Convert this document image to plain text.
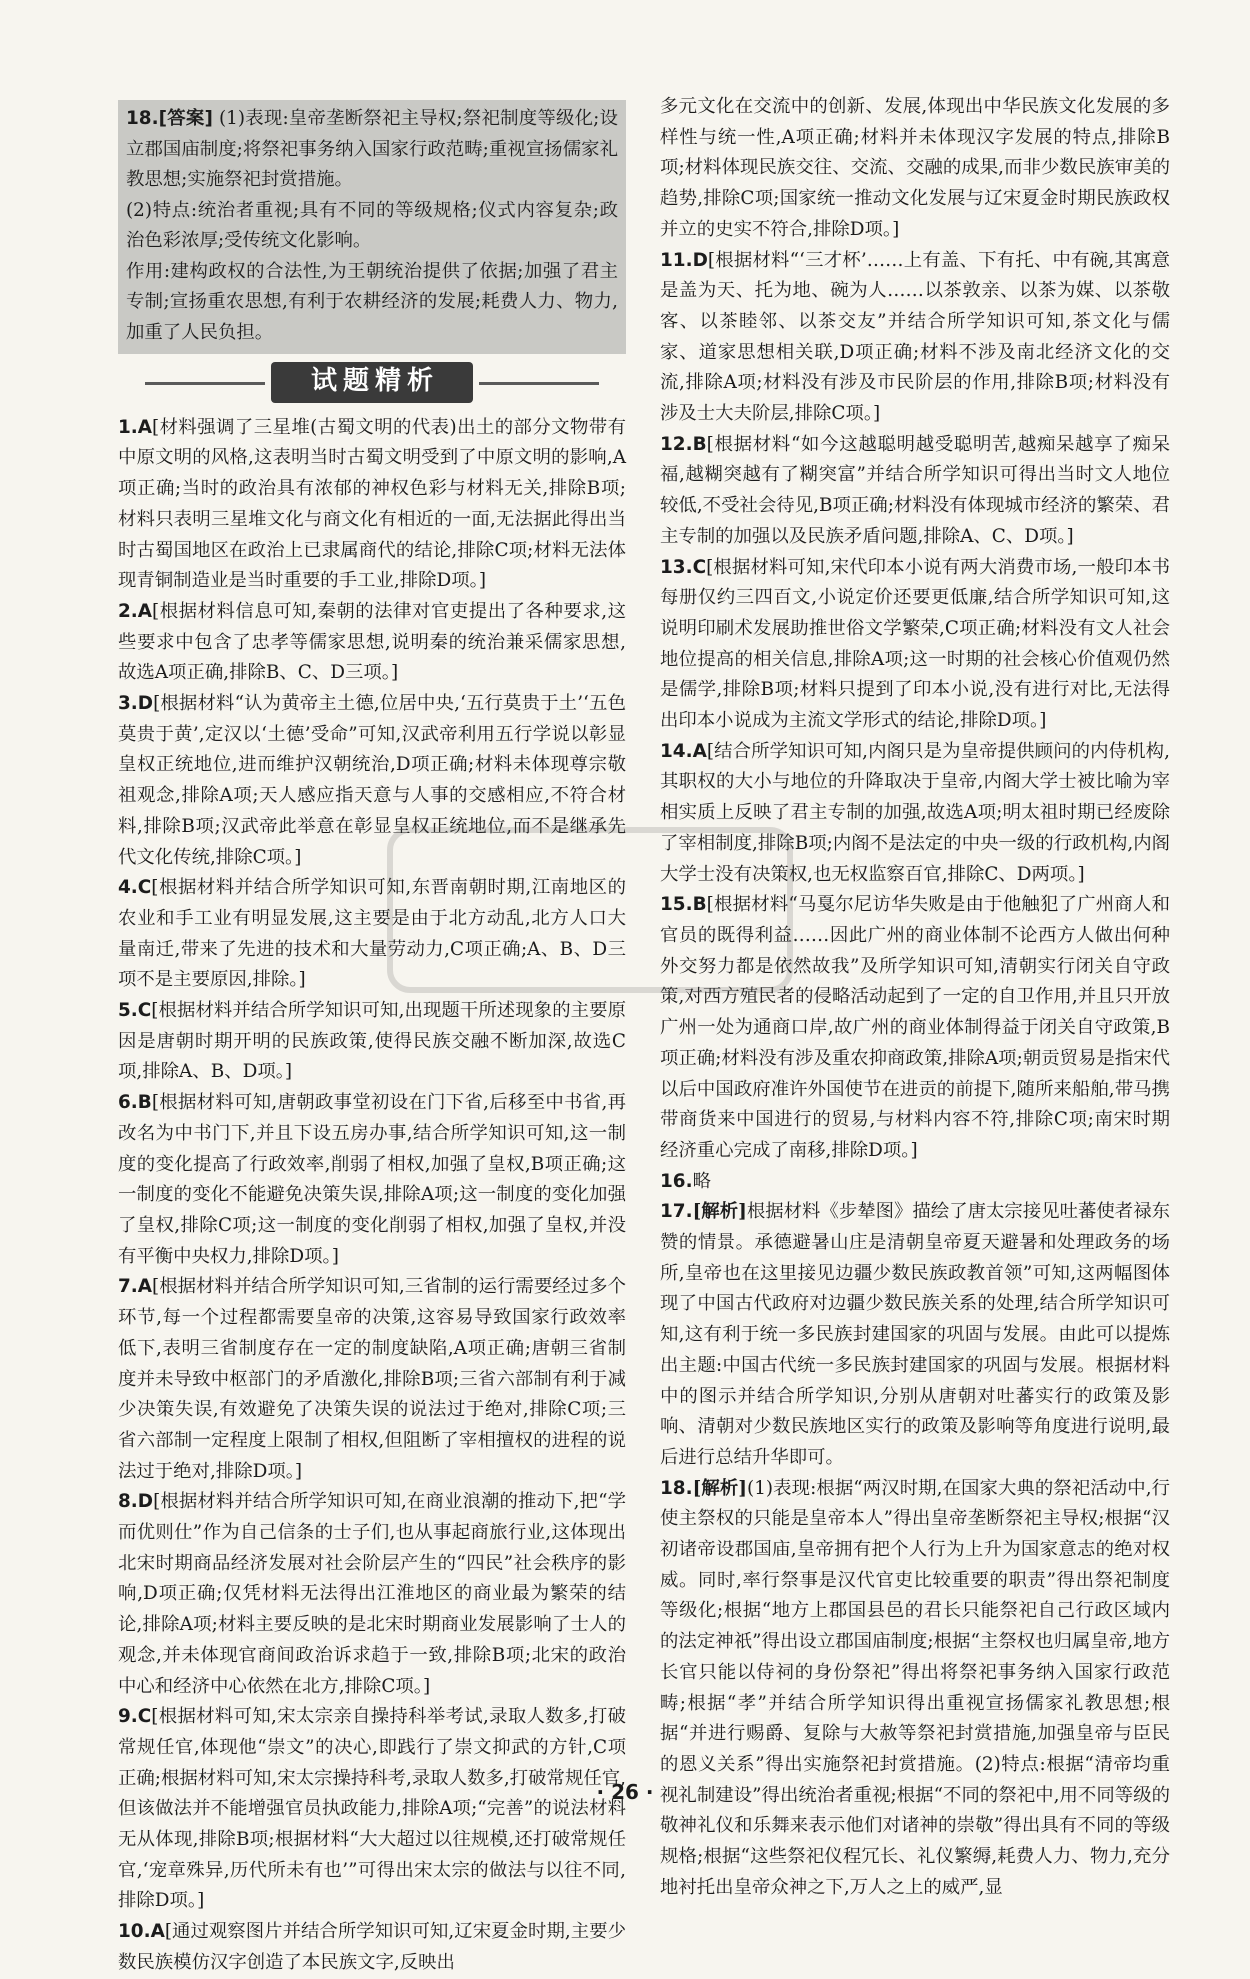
18.[答案] (1)表现:皇帝垄断祭祀主导权;祭祀制度等级化;设立郡国庙制度;将祭祀事务纳入国家行政范畴;重视宣扬儒家礼教思想;实施祭祀封赏措施。

(2)特点:统治者重视;具有不同的等级规格;仪式内容复杂;政治色彩浓厚;受传统文化影响。

作用:建构政权的合法性,为王朝统治提供了依据;加强了君主专制;宣扬重农思想,有利于农耕经济的发展;耗费人力、物力,加重了人民负担。

试题精析

1.A[材料强调了三星堆(古蜀文明的代表)出土的部分文物带有中原文明的风格,这表明当时古蜀文明受到了中原文明的影响,A项正确;当时的政治具有浓郁的神权色彩与材料无关,排除B项;材料只表明三星堆文化与商文化有相近的一面,无法据此得出当时古蜀国地区在政治上已隶属商代的结论,排除C项;材料无法体现青铜制造业是当时重要的手工业,排除D项。]

2.A[根据材料信息可知,秦朝的法律对官吏提出了各种要求,这些要求中包含了忠孝等儒家思想,说明秦的统治兼采儒家思想,故选A项正确,排除B、C、D三项。]

3.D[根据材料“认为黄帝主土德,位居中央,‘五行莫贵于土’‘五色莫贵于黄’,定汉以‘土德’受命”可知,汉武帝利用五行学说以彰显皇权正统地位,进而维护汉朝统治,D项正确;材料未体现尊宗敬祖观念,排除A项;天人感应指天意与人事的交感相应,不符合材料,排除B项;汉武帝此举意在彰显皇权正统地位,而不是继承先代文化传统,排除C项。]

4.C[根据材料并结合所学知识可知,东晋南朝时期,江南地区的农业和手工业有明显发展,这主要是由于北方动乱,北方人口大量南迁,带来了先进的技术和大量劳动力,C项正确;A、B、D三项不是主要原因,排除。]

5.C[根据材料并结合所学知识可知,出现题干所述现象的主要原因是唐朝时期开明的民族政策,使得民族交融不断加深,故选C项,排除A、B、D项。]

6.B[根据材料可知,唐朝政事堂初设在门下省,后移至中书省,再改名为中书门下,并且下设五房办事,结合所学知识可知,这一制度的变化提高了行政效率,削弱了相权,加强了皇权,B项正确;这一制度的变化不能避免决策失误,排除A项;这一制度的变化加强了皇权,排除C项;这一制度的变化削弱了相权,加强了皇权,并没有平衡中央权力,排除D项。]

7.A[根据材料并结合所学知识可知,三省制的运行需要经过多个环节,每一个过程都需要皇帝的决策,这容易导致国家行政效率低下,表明三省制度存在一定的制度缺陷,A项正确;唐朝三省制度并未导致中枢部门的矛盾激化,排除B项;三省六部制有利于减少决策失误,有效避免了决策失误的说法过于绝对,排除C项;三省六部制一定程度上限制了相权,但阻断了宰相擅权的进程的说法过于绝对,排除D项。]

8.D[根据材料并结合所学知识可知,在商业浪潮的推动下,把“学而优则仕”作为自己信条的士子们,也从事起商旅行业,这体现出北宋时期商品经济发展对社会阶层产生的“四民”社会秩序的影响,D项正确;仅凭材料无法得出江淮地区的商业最为繁荣的结论,排除A项;材料主要反映的是北宋时期商业发展影响了士人的观念,并未体现官商间政治诉求趋于一致,排除B项;北宋的政治中心和经济中心依然在北方,排除C项。]

9.C[根据材料可知,宋太宗亲自操持科举考试,录取人数多,打破常规任官,体现他“崇文”的决心,即践行了崇文抑武的方针,C项正确;根据材料可知,宋太宗操持科考,录取人数多,打破常规任官,但该做法并不能增强官员执政能力,排除A项;“完善”的说法材料无从体现,排除B项;根据材料“大大超过以往规模,还打破常规任官,‘宠章殊异,历代所未有也’”可得出宋太宗的做法与以往不同,排除D项。]

10.A[通过观察图片并结合所学知识可知,辽宋夏金时期,主要少数民族模仿汉字创造了本民族文字,反映出

多元文化在交流中的创新、发展,体现出中华民族文化发展的多样性与统一性,A项正确;材料并未体现汉字发展的特点,排除B项;材料体现民族交往、交流、交融的成果,而非少数民族审美的趋势,排除C项;国家统一推动文化发展与辽宋夏金时期民族政权并立的史实不符合,排除D项。]

11.D[根据材料“‘三才杯’……上有盖、下有托、中有碗,其寓意是盖为天、托为地、碗为人……以茶敦亲、以茶为媒、以茶敬客、以茶睦邻、以茶交友”并结合所学知识可知,茶文化与儒家、道家思想相关联,D项正确;材料不涉及南北经济文化的交流,排除A项;材料没有涉及市民阶层的作用,排除B项;材料没有涉及士大夫阶层,排除C项。]

12.B[根据材料“如今这越聪明越受聪明苦,越痴呆越享了痴呆福,越糊突越有了糊突富”并结合所学知识可得出当时文人地位较低,不受社会待见,B项正确;材料没有体现城市经济的繁荣、君主专制的加强以及民族矛盾问题,排除A、C、D项。]

13.C[根据材料可知,宋代印本小说有两大消费市场,一般印本书每册仅约三四百文,小说定价还要更低廉,结合所学知识可知,这说明印刷术发展助推世俗文学繁荣,C项正确;材料没有文人社会地位提高的相关信息,排除A项;这一时期的社会核心价值观仍然是儒学,排除B项;材料只提到了印本小说,没有进行对比,无法得出印本小说成为主流文学形式的结论,排除D项。]

14.A[结合所学知识可知,内阁只是为皇帝提供顾问的内侍机构,其职权的大小与地位的升降取决于皇帝,内阁大学士被比喻为宰相实质上反映了君主专制的加强,故选A项;明太祖时期已经废除了宰相制度,排除B项;内阁不是法定的中央一级的行政机构,内阁大学士没有决策权,也无权监察百官,排除C、D两项。]

15.B[根据材料“马戛尔尼访华失败是由于他触犯了广州商人和官员的既得利益……因此广州的商业体制不论西方人做出何种外交努力都是依然故我”及所学知识可知,清朝实行闭关自守政策,对西方殖民者的侵略活动起到了一定的自卫作用,并且只开放广州一处为通商口岸,故广州的商业体制得益于闭关自守政策,B项正确;材料没有涉及重农抑商政策,排除A项;朝贡贸易是指宋代以后中国政府准许外国使节在进贡的前提下,随所来船舶,带马携带商货来中国进行的贸易,与材料内容不符,排除C项;南宋时期经济重心完成了南移,排除D项。]

16.略

17.[解析]根据材料《步辇图》描绘了唐太宗接见吐蕃使者禄东赞的情景。承德避暑山庄是清朝皇帝夏天避暑和处理政务的场所,皇帝也在这里接见边疆少数民族政教首领”可知,这两幅图体现了中国古代政府对边疆少数民族关系的处理,结合所学知识可知,这有利于统一多民族封建国家的巩固与发展。由此可以提炼出主题:中国古代统一多民族封建国家的巩固与发展。根据材料中的图示并结合所学知识,分别从唐朝对吐蕃实行的政策及影响、清朝对少数民族地区实行的政策及影响等角度进行说明,最后进行总结升华即可。

18.[解析](1)表现:根据“两汉时期,在国家大典的祭祀活动中,行使主祭权的只能是皇帝本人”得出皇帝垄断祭祀主导权;根据“汉初诸帝设郡国庙,皇帝拥有把个人行为上升为国家意志的绝对权威。同时,率行祭事是汉代官吏比较重要的职责”得出祭祀制度等级化;根据“地方上郡国县邑的君长只能祭祀自己行政区域内的法定神祇”得出设立郡国庙制度;根据“主祭权也归属皇帝,地方长官只能以侍祠的身份祭祀”得出将祭祀事务纳入国家行政范畴;根据“孝”并结合所学知识得出重视宣扬儒家礼教思想;根据“并进行赐爵、复除与大赦等祭祀封赏措施,加强皇帝与臣民的恩义关系”得出实施祭祀封赏措施。(2)特点:根据“清帝均重视礼制建设”得出统治者重视;根据“不同的祭祀中,用不同等级的敬神礼仪和乐舞来表示他们对诸神的崇敬”得出具有不同的等级规格;根据“这些祭祀仪程冗长、礼仪繁缛,耗费人力、物力,充分地衬托出皇帝众神之下,万人之上的威严,显

· 26 ·
